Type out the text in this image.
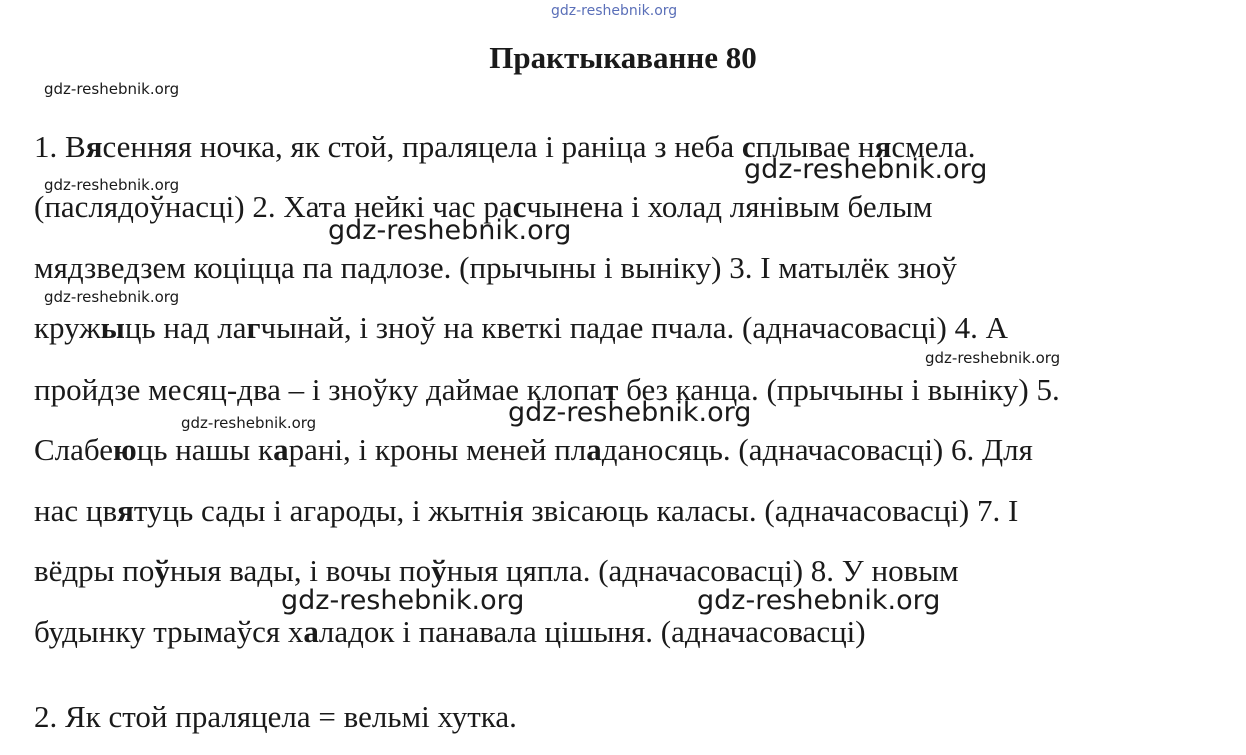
gdz-reshebnik.org
Практыкаванне 80
gdz-reshebnik.org
gdz-reshebnik.org
gdz-reshebnik.org
gdz-reshebnik.org
gdz-reshebnik.org
1. Вясенняя ночка, як стой, праляцела і раніца з неба сплывае нясмела.
(паслядоўнасці) 2. Хата нейкі час расчынена і холад лянівым белым
мядзведзем коціцца па падлозе. (прычыны і выніку) 3. І матылёк зноў
кружыць над лагчынай, і зноў на кветкі падае пчала. (адначасовасці) 4. А
пройдзе месяц-два – і зноўку даймае клопат без канца. (прычыны і выніку) 5.
Слабеюць нашы карані, і кроны меней пладаносяць. (адначасовасці) 6. Для
нас цвятуць сады і агароды, і жытнія звісаюць каласы. (адначасовасці) 7. І
вёдры поўныя вады, і вочы поўныя цяпла. (адначасовасці) 8. У новым
будынку трымаўся халадок і панавала цішыня. (адначасовасці)
2. Як стой праляцела = вельмі хутка.
gdz-reshebnik.org
gdz-reshebnik.org
gdz-reshebnik.org
gdz-reshebnik.org	gdz-reshebnik.org
